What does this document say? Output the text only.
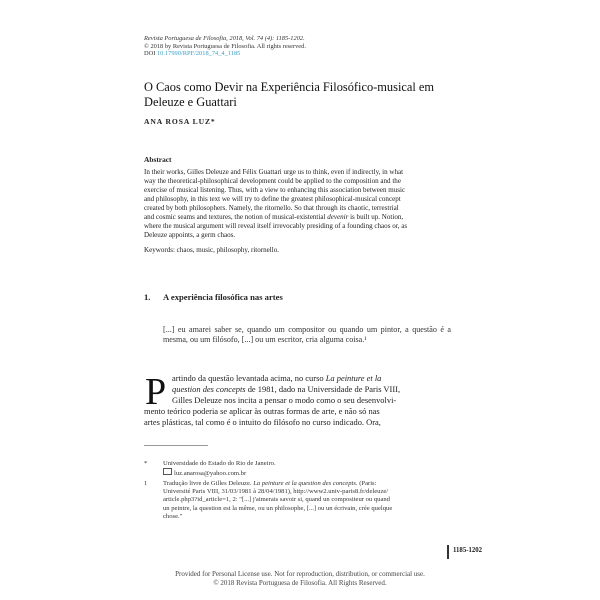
Revista Portuguesa de Filosofia, 2018, Vol. 74 (4): 1185-1202.
© 2018 by Revista Portuguesa de Filosofia. All rights reserved.
DOI 10.17990/RPF/2018_74_4_1185
O Caos como Devir na Experiência Filosófico-musical em
Deleuze e Guattari
ANA ROSA LUZ*
Abstract
In their works, Gilles Deleuze and Félix Guattari urge us to think, even if indirectly, in what
way the theoretical-philosophical development could be applied to the composition and the
exercise of musical listening. Thus, with a view to enhancing this association between music
and philosophy, in this text we will try to define the greatest philosophical-musical concept
created by both philosophers. Namely, the ritornello. So that through its chaotic, terrestrial
and cosmic seams and textures, the notion of musical-existential devenir is built up. Notion,
where the musical argument will reveal itself irrevocably presiding of a founding chaos or, as
Deleuze appoints, a germ chaos.
Keywords: chaos, music, philosophy, ritornello.
1. A experiência filosófica nas artes
[...] eu amarei saber se, quando um compositor ou quando um pintor, a questão é a mesma, ou um filósofo, [...] ou um escritor, cria alguma coisa.¹
P artindo da questão levantada acima, no curso La peinture et la
question des concepts de 1981, dado na Universidade de Paris VIII,
Gilles Deleuze nos incita a pensar o modo como o seu desenvolvi-
mento teórico poderia se aplicar às outras formas de arte, e não só nas
artes plásticas, tal como é o intuito do filósofo no curso indicado. Ora,
* Universidade do Estado do Rio de Janeiro.
luz.anarosa@yahoo.com.br
1 Tradução livre de Gilles Deleuze. La peinture et la question des concepts. (Paris:
Université Paris VIII, 31/03/1981 à 28/04/1981), http://www2.univ-paris8.fr/deleuze/
article.php3?id_article=1, 2: "[...] j'aimerais savoir si, quand un compositeur ou quand
un peintre, la question est la même, ou un philosophe, [...] ou un écrivain, crée quelque
chose."
1185-1202
Provided for Personal License use. Not for reproduction, distribution, or commercial use.
© 2018 Revista Portuguesa de Filosofia. All Rights Reserved.
